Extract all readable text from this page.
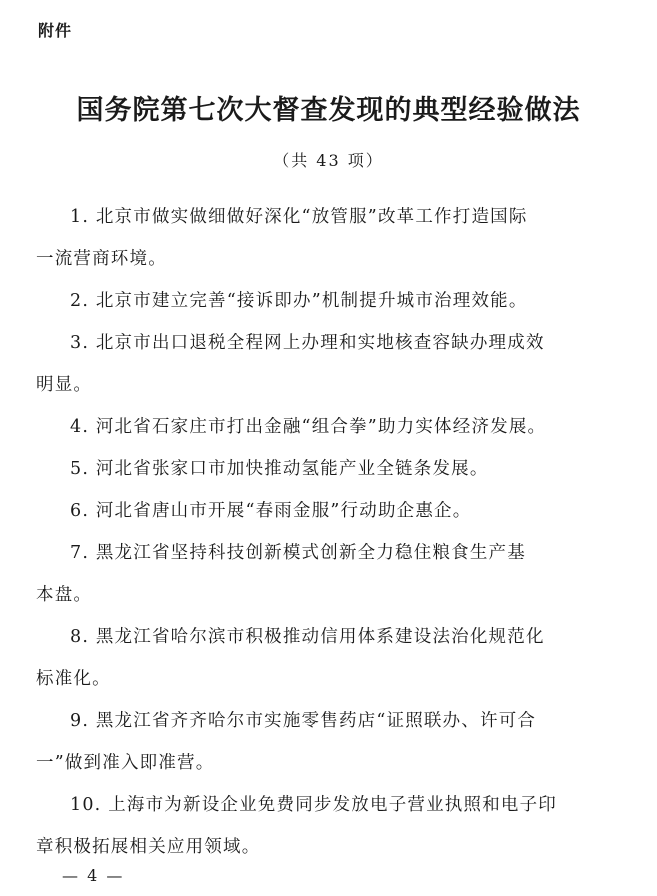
附件
国务院第七次大督查发现的典型经验做法
（共 43 项）
1. 北京市做实做细做好深化“放管服”改革工作打造国际
一流营商环境。
2. 北京市建立完善“接诉即办”机制提升城市治理效能。
3. 北京市出口退税全程网上办理和实地核查容缺办理成效
明显。
4. 河北省石家庄市打出金融“组合拳”助力实体经济发展。
5. 河北省张家口市加快推动氢能产业全链条发展。
6. 河北省唐山市开展“春雨金服”行动助企惠企。
7. 黑龙江省坚持科技创新模式创新全力稳住粮食生产基
本盘。
8. 黑龙江省哈尔滨市积极推动信用体系建设法治化规范化
标准化。
9. 黑龙江省齐齐哈尔市实施零售药店“证照联办、许可合
一”做到准入即准营。
10. 上海市为新设企业免费同步发放电子营业执照和电子印
章积极拓展相关应用领域。
— 4 —
